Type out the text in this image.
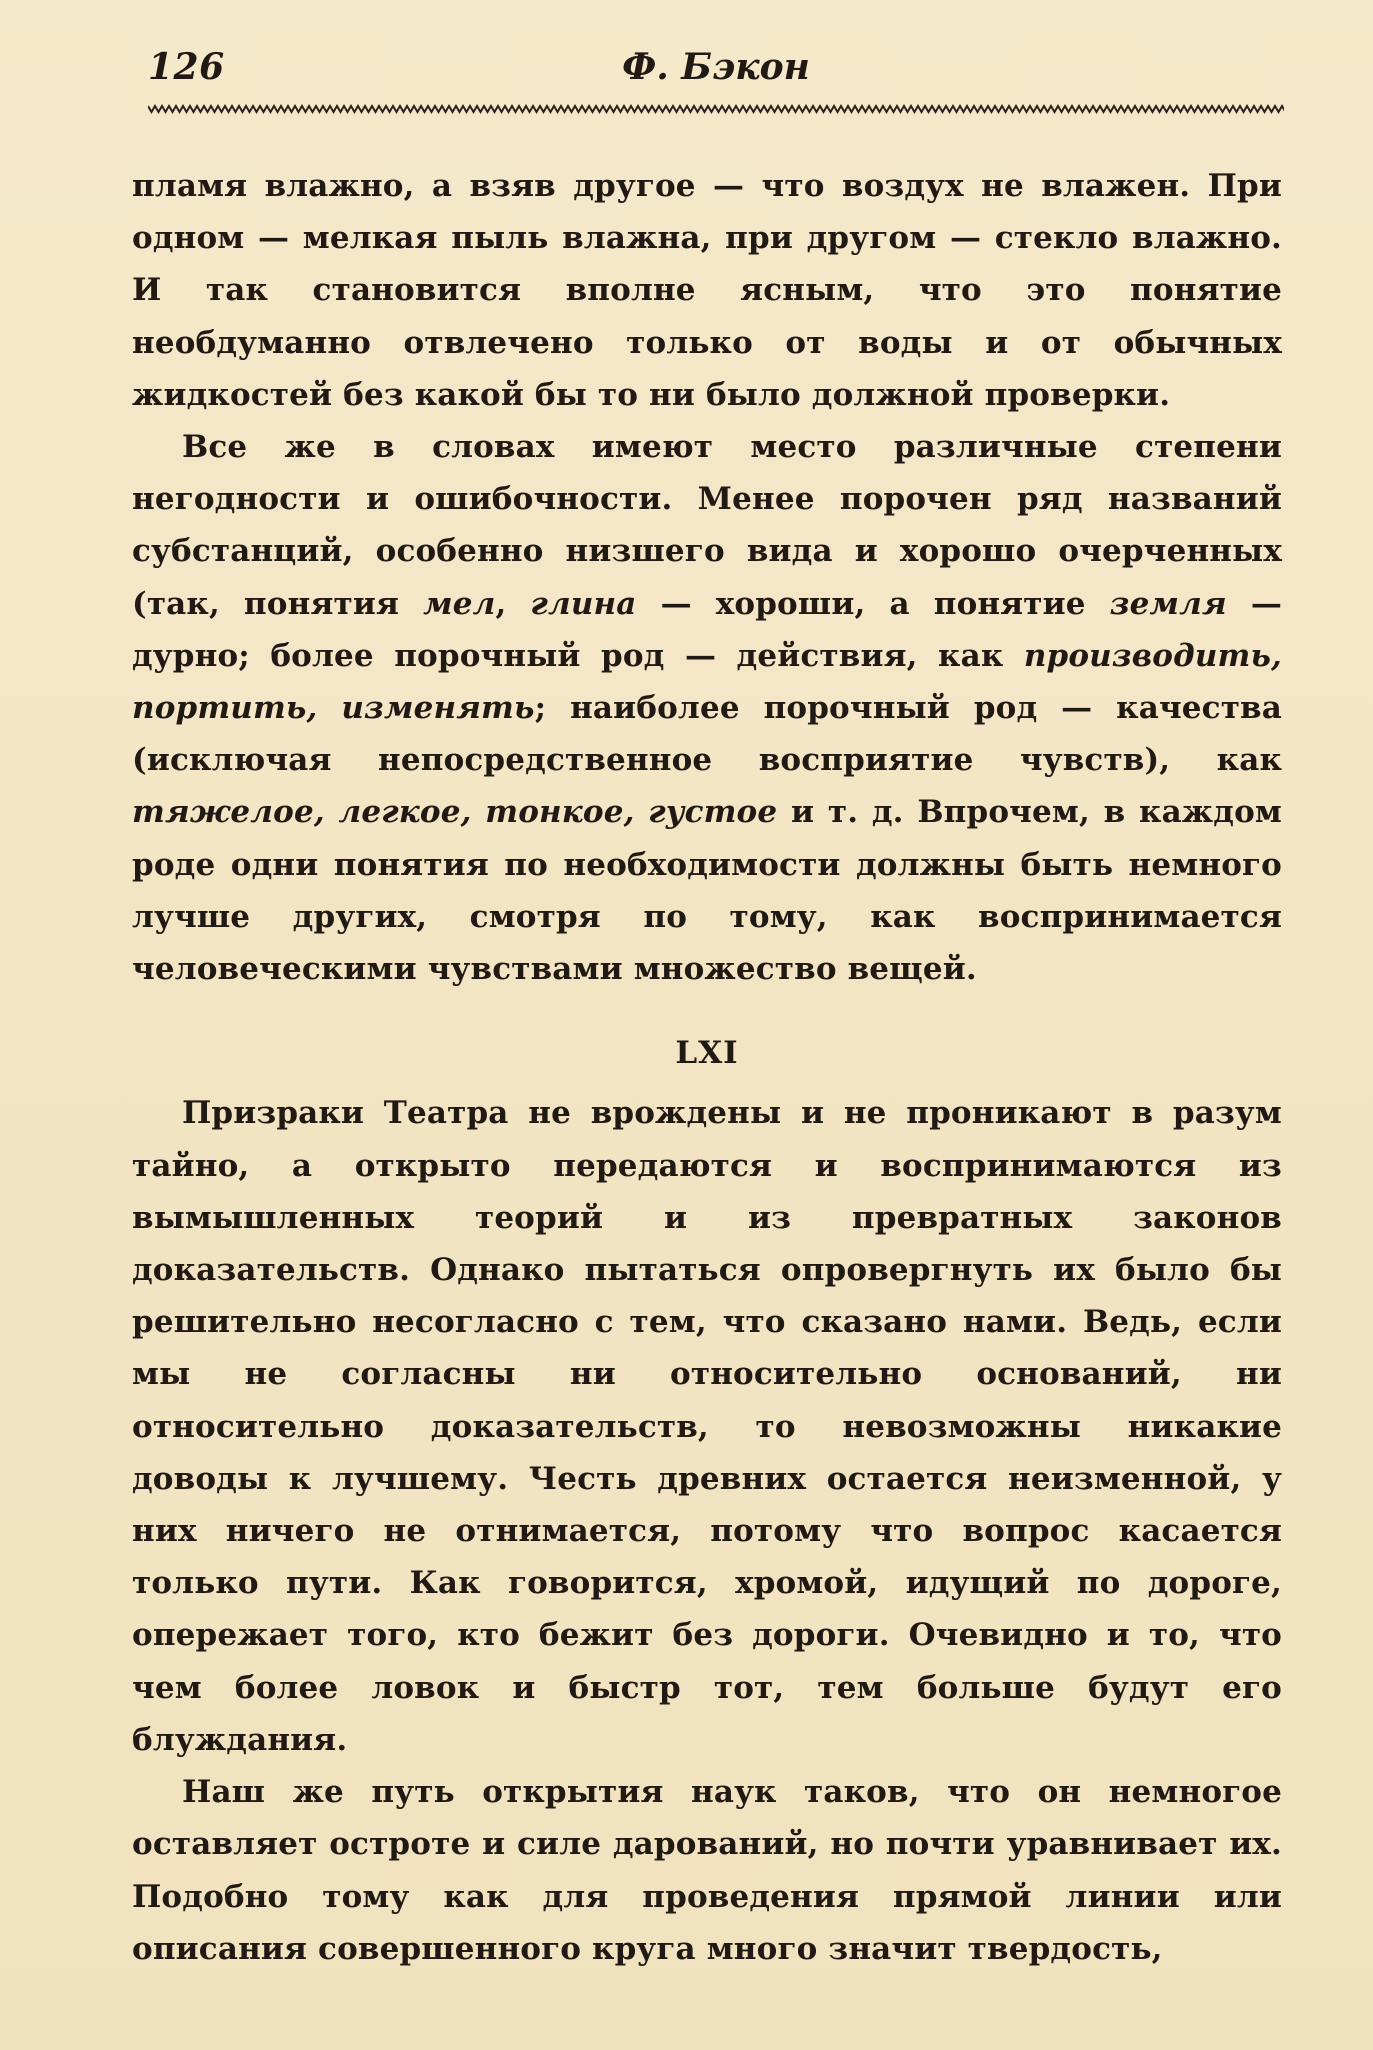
126	Ф. Бэкон

пламя влажно, а взяв другое — что воздух не влажен. При одном — мелкая пыль влажна, при другом — стекло влажно. И так становится вполне ясным, что это понятие необдуманно отвлечено только от воды и от обычных жидкостей без какой бы то ни было должной проверки.

Все же в словах имеют место различные степени негодности и ошибочности. Менее порочен ряд названий субстанций, особенно низшего вида и хорошо очерченных (так, понятия мел, глина — хороши, а понятие земля — дурно; более порочный род — действия, как производить, портить, изменять; наиболее порочный род — качества (исключая непосредственное восприятие чувств), как тяжелое, легкое, тонкое, густое и т. д. Впрочем, в каждом роде одни понятия по необходимости должны быть немного лучше других, смотря по тому, как воспринимается человеческими чувствами множество вещей.

LXI

Призраки Театра не врождены и не проникают в разум тайно, а открыто передаются и воспринимаются из вымышленных теорий и из превратных законов доказательств. Однако пытаться опровергнуть их было бы решительно несогласно с тем, что сказано нами. Ведь, если мы не согласны ни относительно оснований, ни относительно доказательств, то невозможны никакие доводы к лучшему. Честь древних остается неизменной, у них ничего не отнимается, потому что вопрос касается только пути. Как говорится, хромой, идущий по дороге, опережает того, кто бежит без дороги. Очевидно и то, что чем более ловок и быстр тот, тем больше будут его блуждания.

Наш же путь открытия наук таков, что он немногое оставляет остроте и силе дарований, но почти уравнивает их. Подобно тому как для проведения прямой линии или описания совершенного круга много значит твердость,
